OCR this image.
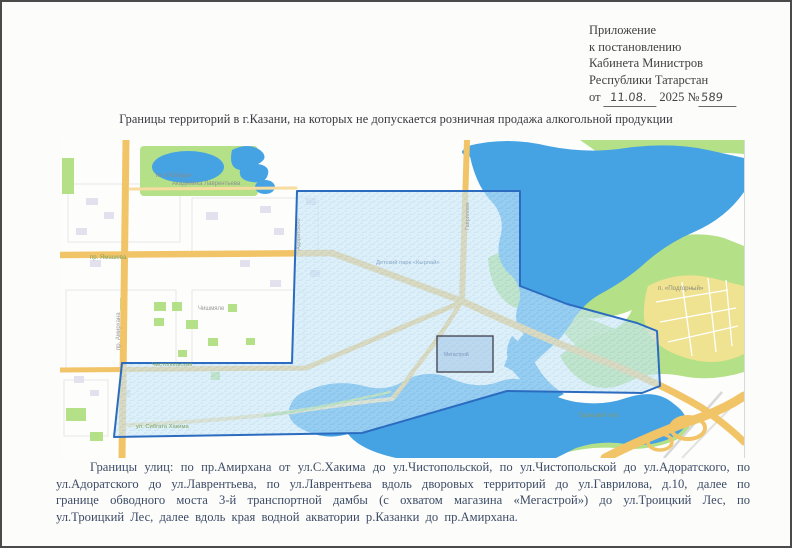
Приложение
к постановлению
Кабинета Министров
Республики Татарстан
от 11.08. 2025 № 589
Границы территорий в г.Казани, на которых не допускается розничная продажа алкогольной продукции
пк «Победы»
Академика Лаврентьева
Чишмяле
пр. Ямашева
Чистопольская
ул. Сибгата Хакима
пр. Амирхана
Адоратского
Гаврилова
п. «Подгорный»
Троицкий лес
Детский парк «Кырлай»
Мегастрой
Границы улиц: по пр.Амирхана от ул.С.Хакима до ул.Чистопольской, по ул.Чистопольской до ул.Адоратского, по ул.Адоратского до ул.Лаврентьева, по ул.Лаврентьева вдоль дворовых территорий до ул.Гаврилова, д.10, далее по границе обводного моста 3-й транспортной дамбы (с охватом магазина «Мегастрой») до ул.Троицкий Лес, по ул.Троицкий Лес, далее вдоль края водной акватории р.Казанки до пр.Амирхана.
